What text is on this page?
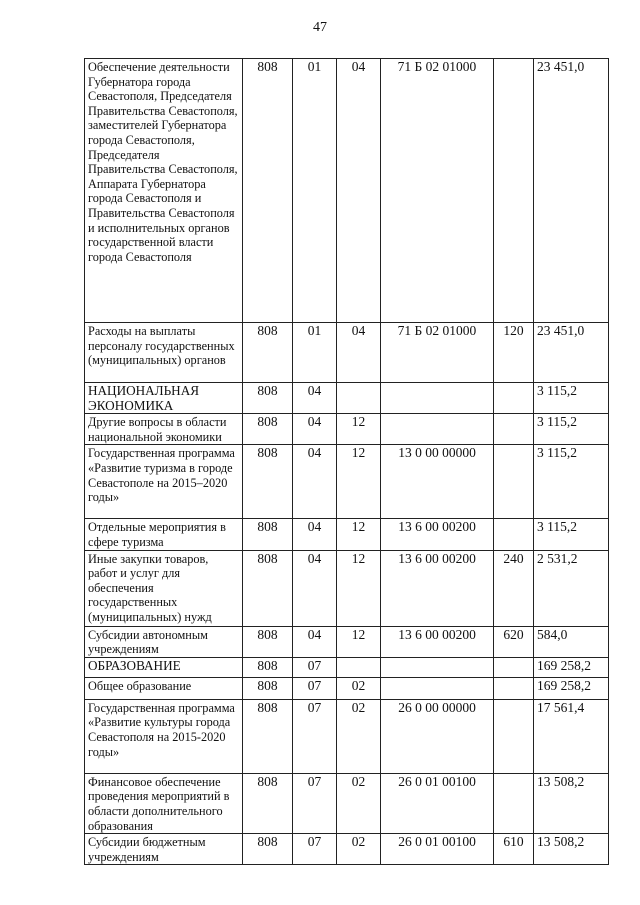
47
Обеспечение деятельности Губернатора города Севастополя, Председателя Правительства Севастополя, заместителей Губернатора города Севастополя, Председателя Правительства Севастополя, Аппарата Губернатора города Севастополя и Правительства Севастополя и исполнительных органов государственной власти города Севастополя	808	01	04	71 Б 02 01000		23 451,0
Расходы на выплаты персоналу государственных (муниципальных) органов	808	01	04	71 Б 02 01000	120	23 451,0
НАЦИОНАЛЬНАЯ ЭКОНОМИКА	808	04				3 115,2
Другие вопросы в области национальной экономики	808	04	12			3 115,2
Государственная программа «Развитие туризма в городе Севастополе на 2015–2020 годы»	808	04	12	13 0 00 00000		3 115,2
Отдельные мероприятия в сфере туризма	808	04	12	13 6 00 00200		3 115,2
Иные закупки товаров, работ и услуг для обеспечения государственных (муниципальных) нужд	808	04	12	13 6 00 00200	240	2 531,2
Субсидии автономным учреждениям	808	04	12	13 6 00 00200	620	584,0
ОБРАЗОВАНИЕ	808	07				169 258,2
Общее образование	808	07	02			169 258,2
Государственная программа «Развитие культуры города Севастополя на 2015-2020 годы»	808	07	02	26 0 00 00000		17 561,4
Финансовое обеспечение проведения мероприятий в области дополнительного образования	808	07	02	26 0 01 00100		13 508,2
Субсидии бюджетным учреждениям	808	07	02	26 0 01 00100	610	13 508,2
